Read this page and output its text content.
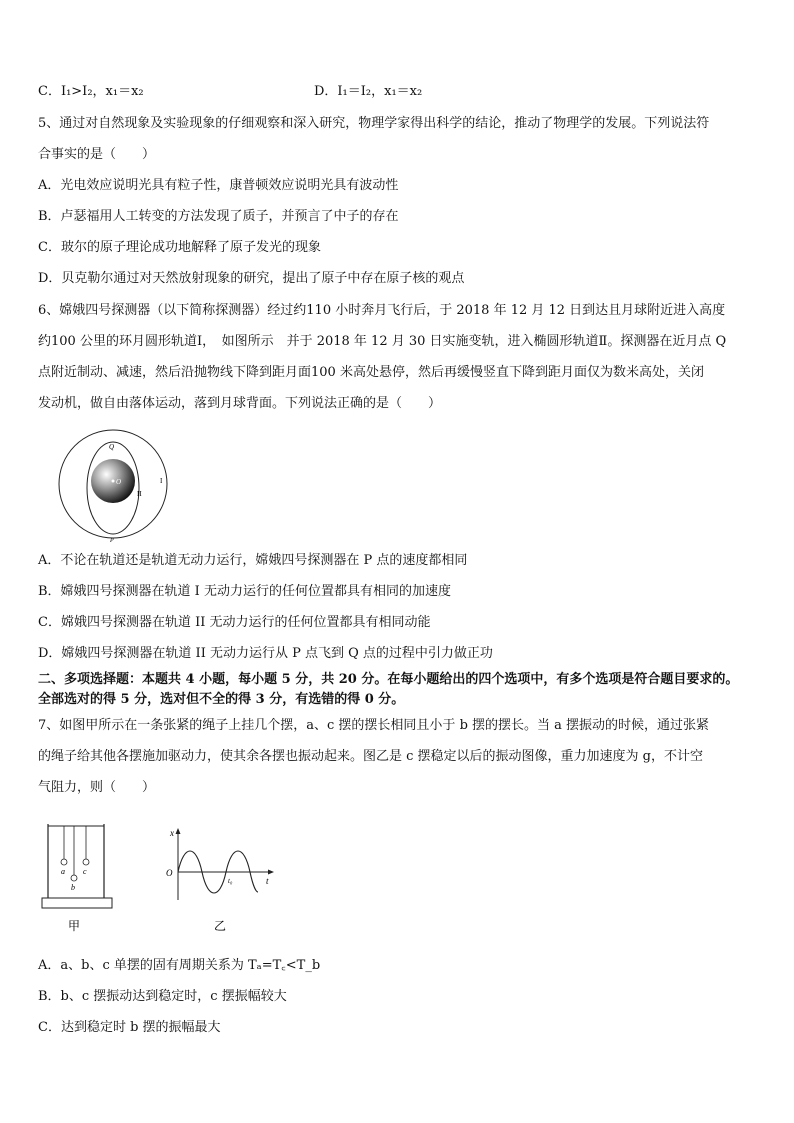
C．I₁>I₂，x₁＝x₂	D．I₁＝I₂，x₁＝x₂
5、通过对自然现象及实验现象的仔细观察和深入研究，物理学家得出科学的结论，推动了物理学的发展。下列说法符
合事实的是（　　）
A．光电效应说明光具有粒子性，康普顿效应说明光具有波动性
B．卢瑟福用人工转变的方法发现了质子，并预言了中子的存在
C．玻尔的原子理论成功地解释了原子发光的现象
D．贝克勒尔通过对天然放射现象的研究，提出了原子中存在原子核的观点
6、嫦娥四号探测器（以下简称探测器）经过约110 小时奔月飞行后，于 2018 年 12 月 12 日到达且月球附近进入高度
约100 公里的环月圆形轨道Ⅰ，　如图所示　并于 2018 年 12 月 30 日实施变轨，进入椭圆形轨道Ⅱ。探测器在近月点 Q
点附近制动、减速，然后沿抛物线下降到距月面100 米高处悬停，然后再缓慢竖直下降到距月面仅为数米高处，关闭
发动机，做自由落体运动，落到月球背面。下列说法正确的是（　　）
O
Q
P
I
II
A．不论在轨道还是轨道无动力运行，嫦娥四号探测器在 P 点的速度都相同
B．嫦娥四号探测器在轨道 I 无动力运行的任何位置都具有相同的加速度
C．嫦娥四号探测器在轨道 II 无动力运行的任何位置都具有相同动能
D．嫦娥四号探测器在轨道 II 无动力运行从 P 点飞到 Q 点的过程中引力做正功
二、多项选择题：本题共 4 小题，每小题 5 分，共 20 分。在每小题给出的四个选项中，有多个选项是符合题目要求的。
全部选对的得 5 分，选对但不全的得 3 分，有选错的得 0 分。
7、如图甲所示在一条张紧的绳子上挂几个摆，a、c 摆的摆长相同且小于 b 摆的摆长。当 a 摆振动的时候，通过张紧
的绳子给其他各摆施加驱动力，使其余各摆也振动起来。图乙是 c 摆稳定以后的振动图像，重力加速度为 g，不计空
气阻力，则（　　）
a
b
c
甲
x
t
O
t₀
乙
A．a、b、c 单摆的固有周期关系为 Tₐ=T꜀<T_b
B．b、c 摆振动达到稳定时，c 摆振幅较大
C．达到稳定时 b 摆的振幅最大
